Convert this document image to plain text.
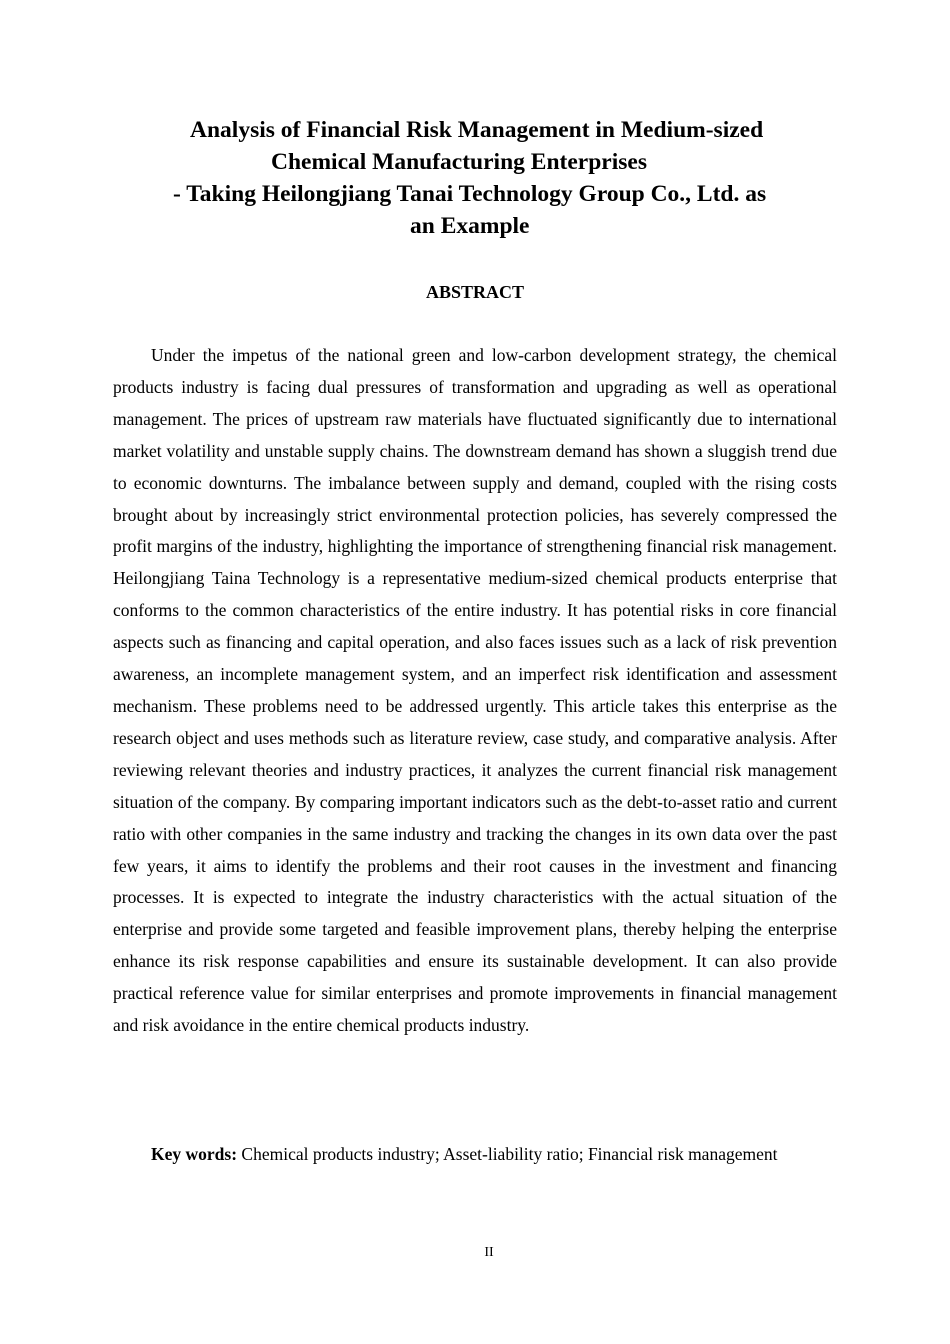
Analysis of Financial Risk Management in Medium-sized
Chemical Manufacturing Enterprises
- Taking Heilongjiang Tanai Technology Group Co., Ltd. as
an Example
ABSTRACT

Under the impetus of the national green and low-carbon development strategy, the chemical products industry is facing dual pressures of transformation and upgrading as well as operational management. The prices of upstream raw materials have fluctuated significantly due to international market volatility and unstable supply chains. The downstream demand has shown a sluggish trend due to economic downturns. The imbalance between supply and demand, coupled with the rising costs brought about by increasingly strict environmental protection policies, has severely compressed the profit margins of the industry, highlighting the importance of strengthening financial risk management. Heilongjiang Taina Technology is a representative medium-sized chemical products enterprise that conforms to the common characteristics of the entire industry. It has potential risks in core financial aspects such as financing and capital operation, and also faces issues such as a lack of risk prevention awareness, an incomplete management system, and an imperfect risk identification and assessment mechanism. These problems need to be addressed urgently. This article takes this enterprise as the research object and uses methods such as literature review, case study, and comparative analysis. After reviewing relevant theories and industry practices, it analyzes the current financial risk management situation of the company. By comparing important indicators such as the debt-to-asset ratio and current ratio with other companies in the same industry and tracking the changes in its own data over the past few years, it aims to identify the problems and their root causes in the investment and financing processes. It is expected to integrate the industry characteristics with the actual situation of the enterprise and provide some targeted and feasible improvement plans, thereby helping the enterprise enhance its risk response capabilities and ensure its sustainable development. It can also provide practical reference value for similar enterprises and promote improvements in financial management and risk avoidance in the entire chemical products industry.

Key words: Chemical products industry; Asset-liability ratio; Financial risk management
II
